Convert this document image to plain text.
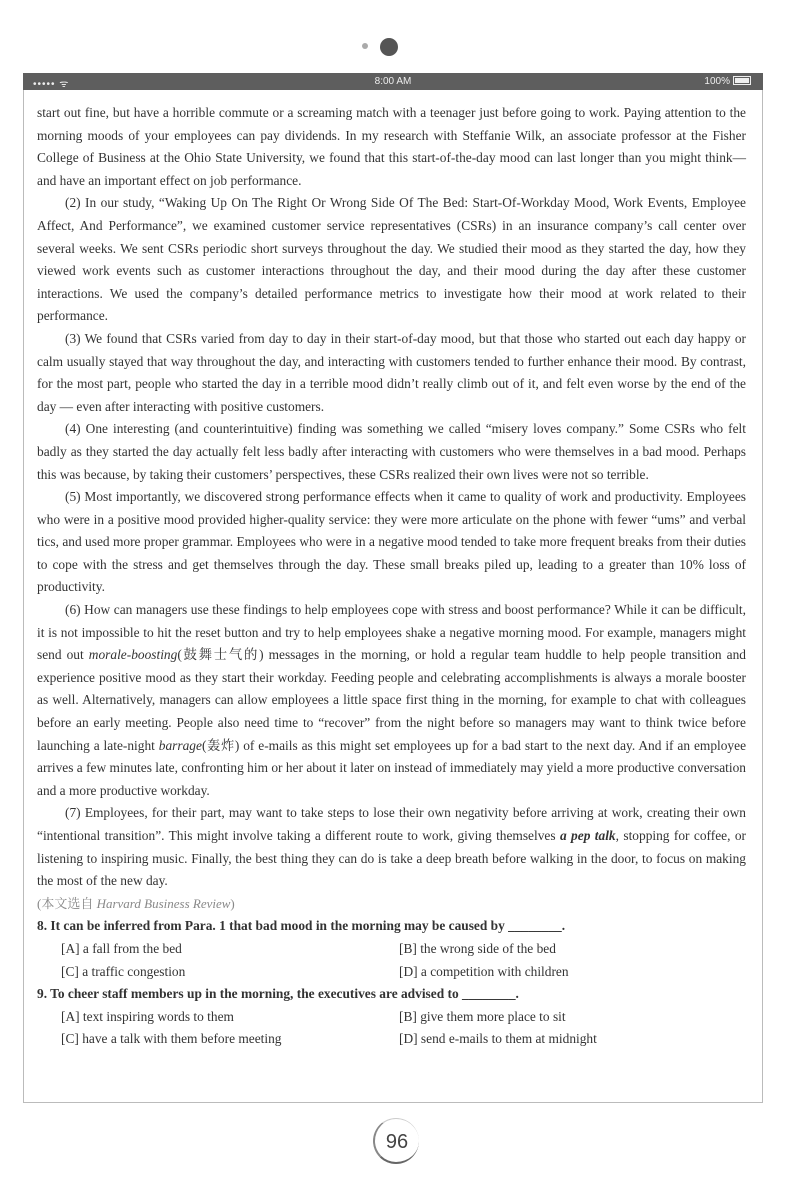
••••• ᯤ	8:00 AM	100%

start out fine, but have a horrible commute or a screaming match with a teenager just before going to work. Paying attention to the morning moods of your employees can pay dividends. In my research with Steffanie Wilk, an associate professor at the Fisher College of Business at the Ohio State University, we found that this start-of-the-day mood can last longer than you might think—and have an important effect on job performance.

(2) In our study, “Waking Up On The Right Or Wrong Side Of The Bed: Start-Of-Workday Mood, Work Events, Employee Affect, And Performance”, we examined customer service representatives (CSRs) in an insurance company’s call center over several weeks. We sent CSRs periodic short surveys throughout the day. We studied their mood as they started the day, how they viewed work events such as customer interactions throughout the day, and their mood during the day after these customer interactions. We used the company’s detailed performance metrics to investigate how their mood at work related to their performance.

(3) We found that CSRs varied from day to day in their start-of-day mood, but that those who started out each day happy or calm usually stayed that way throughout the day, and interacting with customers tended to further enhance their mood. By contrast, for the most part, people who started the day in a terrible mood didn’t really climb out of it, and felt even worse by the end of the day — even after interacting with positive customers.

(4) One interesting (and counterintuitive) finding was something we called “misery loves company.” Some CSRs who felt badly as they started the day actually felt less badly after interacting with customers who were themselves in a bad mood. Perhaps this was because, by taking their customers’ perspectives, these CSRs realized their own lives were not so terrible.

(5) Most importantly, we discovered strong performance effects when it came to quality of work and productivity. Employees who were in a positive mood provided higher-quality service: they were more articulate on the phone with fewer “ums” and verbal tics, and used more proper grammar. Employees who were in a negative mood tended to take more frequent breaks from their duties to cope with the stress and get themselves through the day. These small breaks piled up, leading to a greater than 10% loss of productivity.

(6) How can managers use these findings to help employees cope with stress and boost performance? While it can be difficult, it is not impossible to hit the reset button and try to help employees shake a negative morning mood. For example, managers might send out morale-boosting(鼓舞士气的) messages in the morning, or hold a regular team huddle to help people transition and experience positive mood as they start their workday. Feeding people and celebrating accomplishments is always a morale booster as well. Alternatively, managers can allow employees a little space first thing in the morning, for example to chat with colleagues before an early meeting. People also need time to “recover” from the night before so managers may want to think twice before launching a late-night barrage(轰炸) of e-mails as this might set employees up for a bad start to the next day. And if an employee arrives a few minutes late, confronting him or her about it later on instead of immediately may yield a more productive conversation and a more productive workday.

(7) Employees, for their part, may want to take steps to lose their own negativity before arriving at work, creating their own “intentional transition”. This might involve taking a different route to work, giving themselves a pep talk, stopping for coffee, or listening to inspiring music. Finally, the best thing they can do is take a deep breath before walking in the door, to focus on making the most of the new day.

(本文选自 Harvard Business Review)

8. It can be inferred from Para. 1 that bad mood in the morning may be caused by ________.

[A] a fall from the bed	[B] the wrong side of the bed
[C] a traffic congestion	[D] a competition with children

9. To cheer staff members up in the morning, the executives are advised to ________.

[A] text inspiring words to them	[B] give them more place to sit
[C] have a talk with them before meeting	[D] send e-mails to them at midnight
96
